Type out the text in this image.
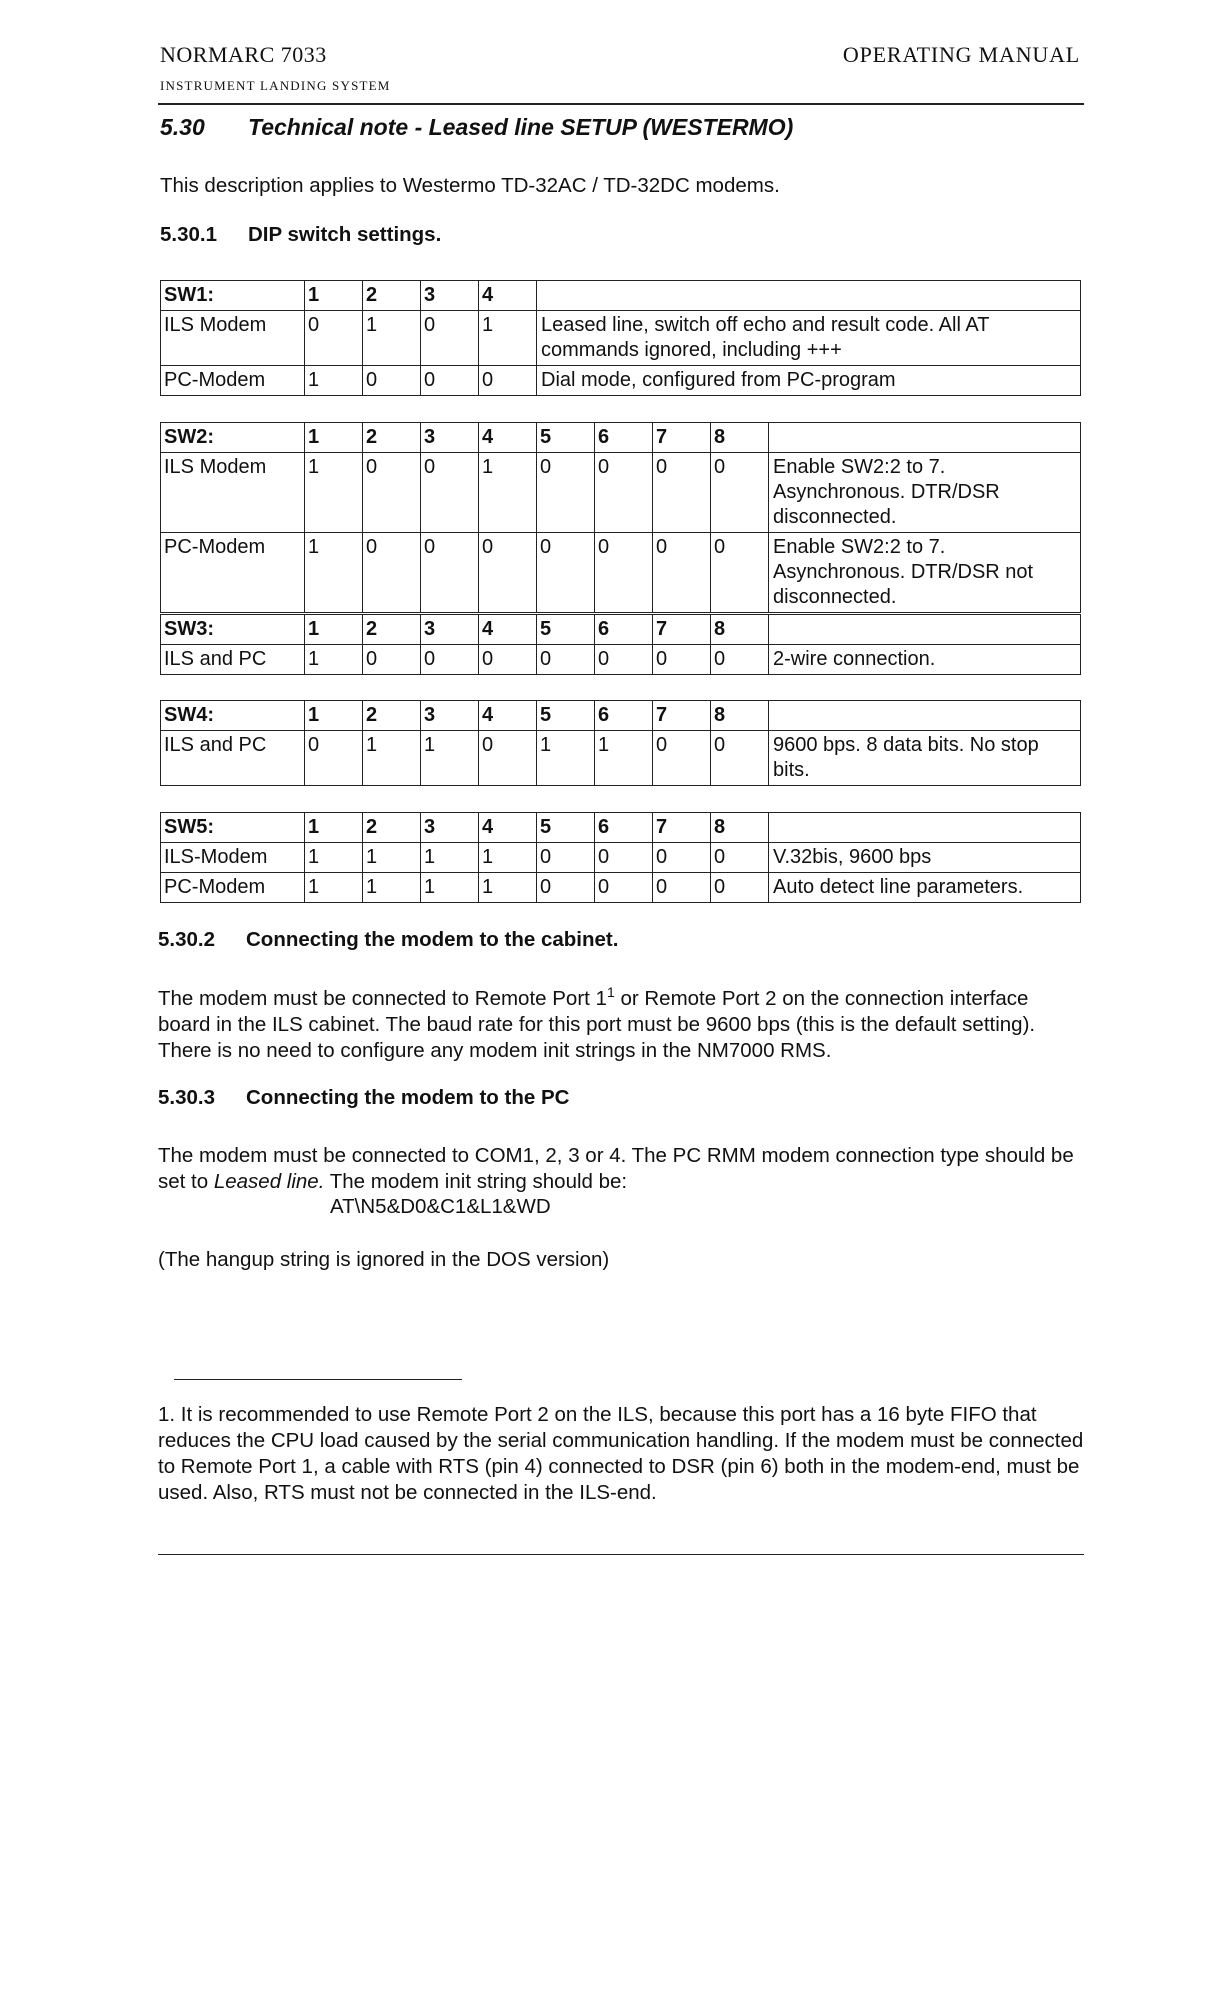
NORMARC 7033
INSTRUMENT LANDING SYSTEM
OPERATING MANUAL
5.30 Technical note - Leased line SETUP (WESTERMO)
This description applies to Westermo TD-32AC / TD-32DC modems.
5.30.1 DIP switch settings.
SW1:	1	2	3	4	
ILS Modem	0	1	0	1	Leased line, switch off echo and result code. All AT commands ignored, including +++
PC-Modem	1	0	0	0	Dial mode, configured from PC-program
SW2:	1	2	3	4	5	6	7	8	
ILS Modem	1	0	0	1	0	0	0	0	Enable SW2:2 to 7. Asynchronous. DTR/DSR disconnected.
PC-Modem	1	0	0	0	0	0	0	0	Enable SW2:2 to 7. Asynchronous. DTR/DSR not disconnected.
SW3:	1	2	3	4	5	6	7	8	
ILS and PC	1	0	0	0	0	0	0	0	2-wire connection.
SW4:	1	2	3	4	5	6	7	8	
ILS and PC	0	1	1	0	1	1	0	0	9600 bps. 8 data bits. No stop bits.
SW5:	1	2	3	4	5	6	7	8	
ILS-Modem	1	1	1	1	0	0	0	0	V.32bis, 9600 bps
PC-Modem	1	1	1	1	0	0	0	0	Auto detect line parameters.
5.30.2 Connecting the modem to the cabinet.
The modem must be connected to Remote Port $1^1$ or Remote Port 2 on the connection interface board in the ILS cabinet. The baud rate for this port must be 9600 bps (this is the default setting). There is no need to configure any modem init strings in the NM7000 RMS.
5.30.3 Connecting the modem to the PC
The modem must be connected to COM1, 2, 3 or 4. The PC RMM modem connection type should be set to Leased line. The modem init string should be:
AT\N5&D0&C1&L1&WD
(The hangup string is ignored in the DOS version)
1. It is recommended to use Remote Port 2 on the ILS, because this port has a 16 byte FIFO that reduces the CPU load caused by the serial communication handling. If the modem must be connected to Remote Port 1, a cable with RTS (pin 4) connected to DSR (pin 6) both in the modem-end, must be used. Also, RTS must not be connected in the ILS-end.
